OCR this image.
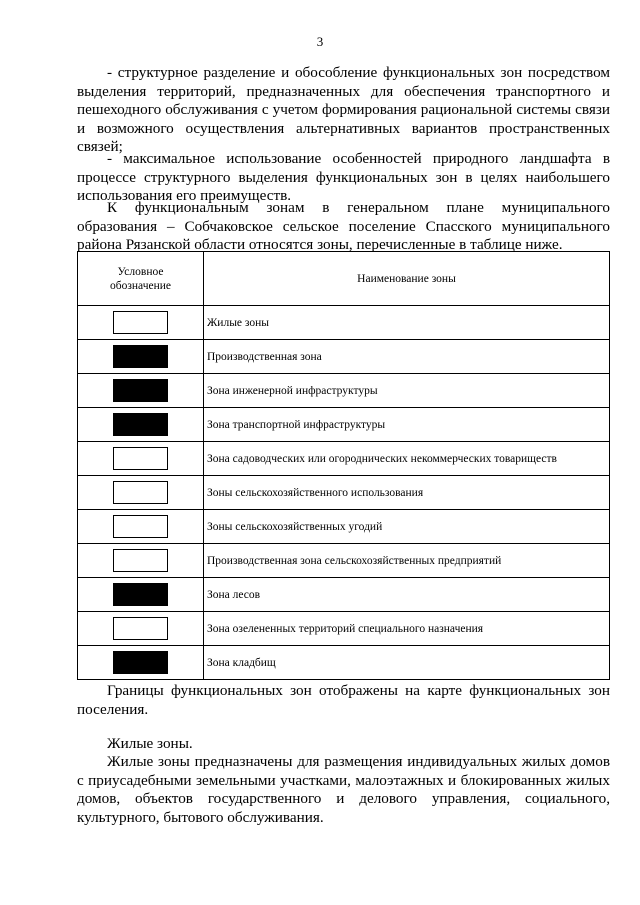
3
- структурное разделение и обособление функциональных зон посредством выделения территорий, предназначенных для обеспечения транспортного и пешеходного обслуживания с учетом формирования рациональной системы связи и возможного осуществления альтернативных вариантов пространственных связей;
- максимальное использование особенностей природного ландшафта в процессе структурного выделения функциональных зон в целях наибольшего использования его преимуществ.
К функциональным зонам в генеральном плане муниципального образования – Собчаковское сельское поселение Спасского муниципального района Рязанской области относятся зоны, перечисленные в таблице ниже.
Условное обозначение	Наименование зоны
	Жилые зоны
	Производственная зона
	Зона инженерной инфраструктуры
	Зона транспортной инфраструктуры
	Зона садоводческих или огороднических некоммерческих товариществ
	Зоны сельскохозяйственного использования
	Зоны сельскохозяйственных угодий
	Производственная зона сельскохозяйственных предприятий
	Зона лесов
	Зона озелененных территорий специального назначения
	Зона кладбищ
Границы функциональных зон отображены на карте функциональных зон поселения.
Жилые зоны.
Жилые зоны предназначены для размещения индивидуальных жилых домов с приусадебными земельными участками, малоэтажных и блокированных жилых домов, объектов государственного и делового управления, социального, культурного, бытового обслуживания.
